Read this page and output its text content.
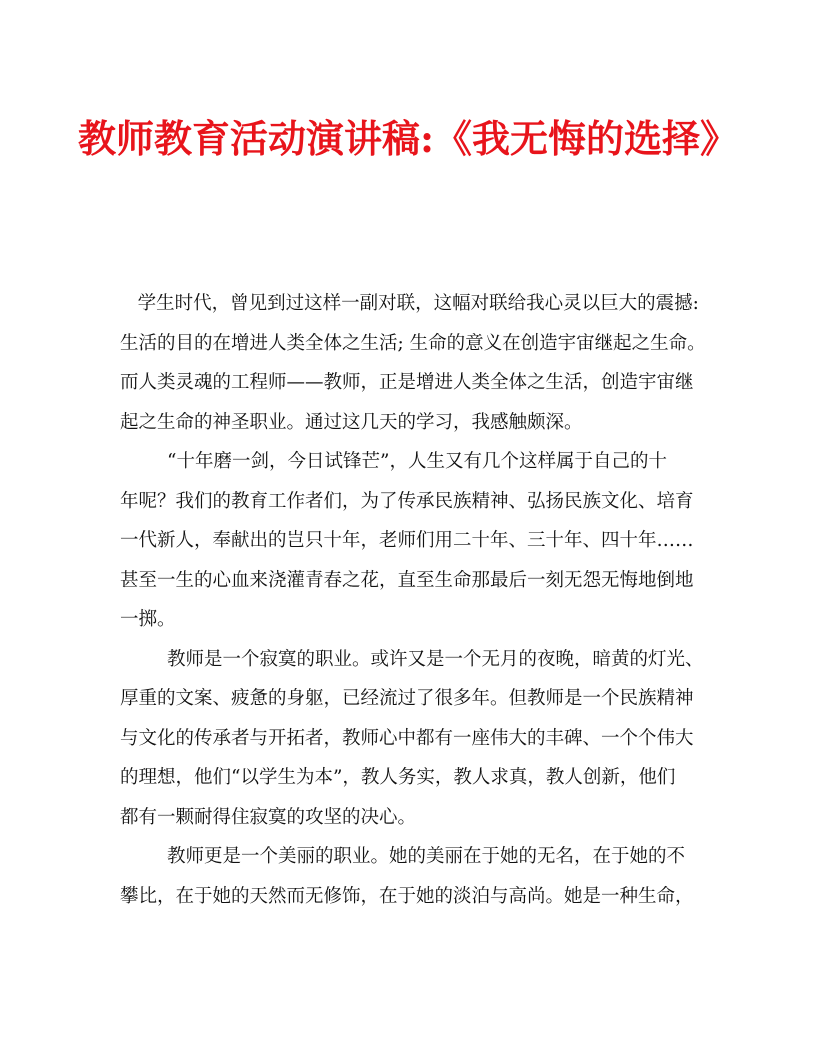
教师教育活动演讲稿:《我无悔的选择》
学生时代，曾见到过这样一副对联，这幅对联给我心灵以巨大的震撼:
生活的目的在增进人类全体之生活; 生命的意义在创造宇宙继起之生命。
而人类灵魂的工程师——教师，正是增进人类全体之生活，创造宇宙继
起之生命的神圣职业。通过这几天的学习，我感触颇深。
“十年磨一剑，今日试锋芒”，人生又有几个这样属于自己的十
年呢？我们的教育工作者们，为了传承民族精神、弘扬民族文化、培育
一代新人，奉献出的岂只十年，老师们用二十年、三十年、四十年……
甚至一生的心血来浇灌青春之花，直至生命那最后一刻无怨无悔地倒地
一掷。
教师是一个寂寞的职业。或许又是一个无月的夜晚，暗黄的灯光、
厚重的文案、疲惫的身躯，已经流过了很多年。但教师是一个民族精神
与文化的传承者与开拓者，教师心中都有一座伟大的丰碑、一个个伟大
的理想，他们“以学生为本”，教人务实，教人求真，教人创新，他们
都有一颗耐得住寂寞的攻坚的决心。
教师更是一个美丽的职业。她的美丽在于她的无名，在于她的不
攀比，在于她的天然而无修饰，在于她的淡泊与高尚。她是一种生命，
